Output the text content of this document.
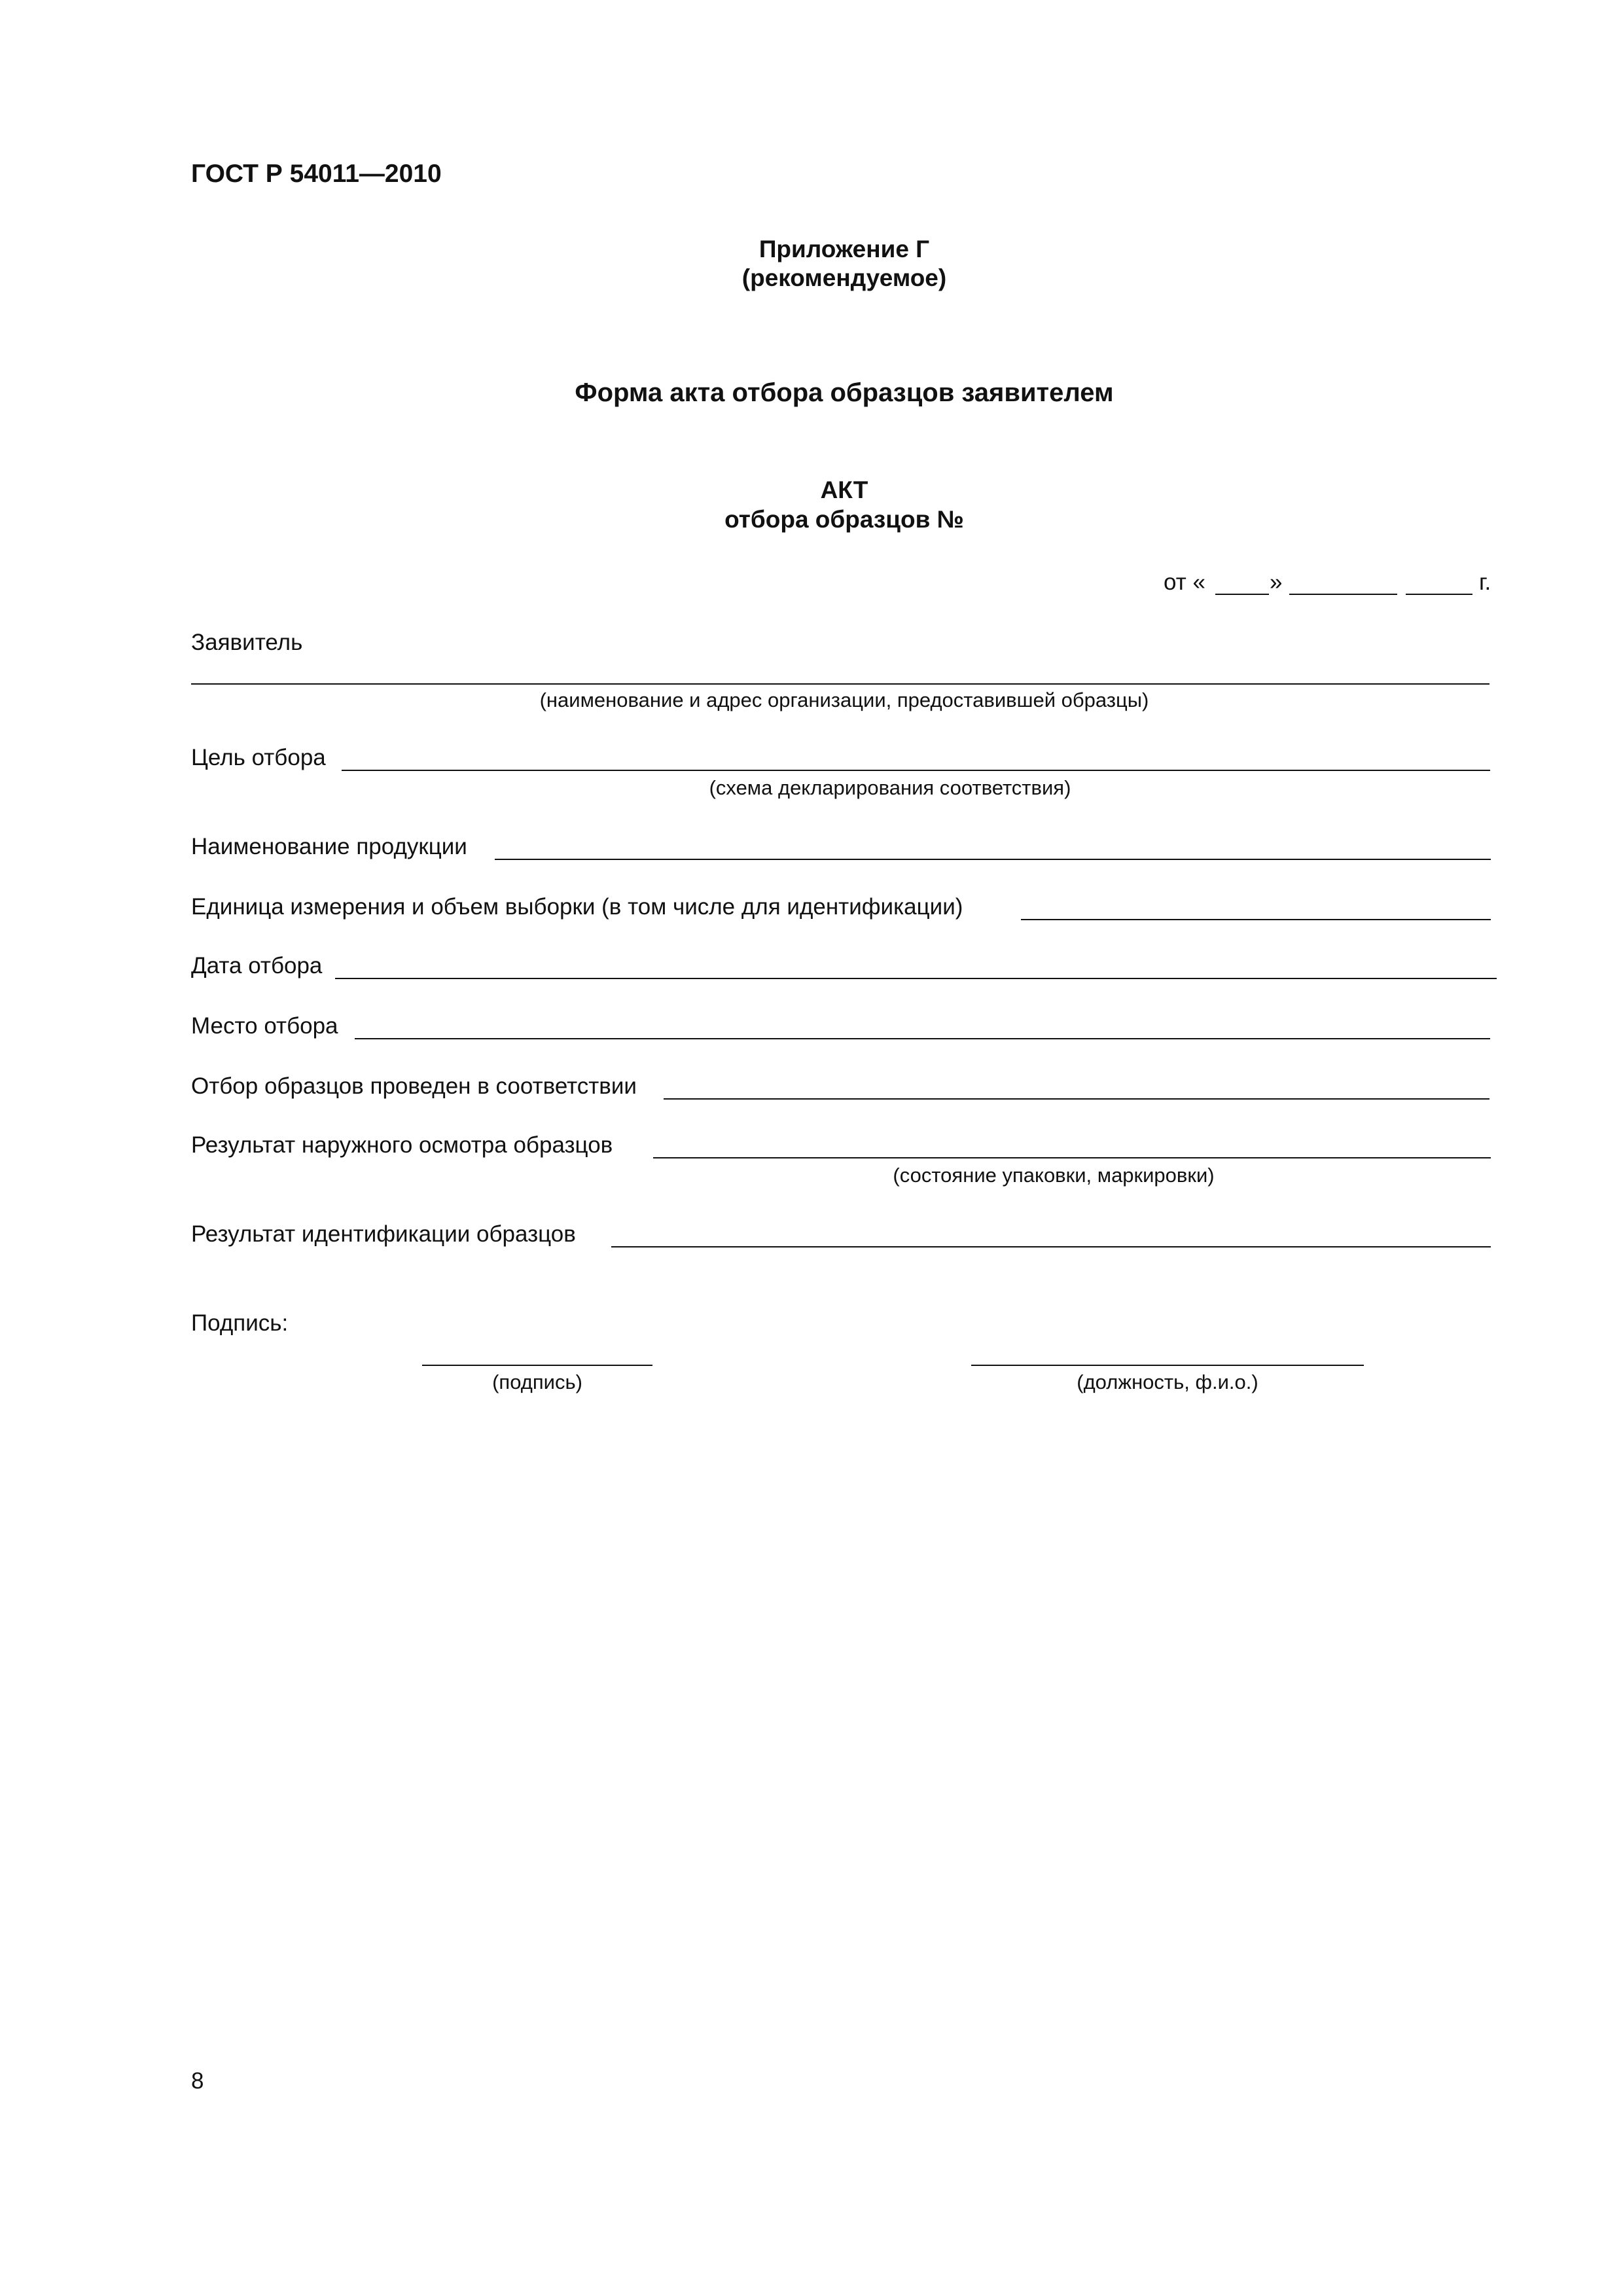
ГОСТ Р 54011—2010
Приложение Г
(рекомендуемое)
Форма акта отбора образцов заявителем
АКТ
отбора образцов №
от «	»	г.
Заявитель
(наименование и адрес организации, предоставившей образцы)
Цель отбора
(схема декларирования соответствия)
Наименование продукции
Единица измерения и объем выборки (в том числе для идентификации)
Дата отбора
Место отбора
Отбор образцов проведен в соответствии
Результат наружного осмотра образцов
(состояние упаковки, маркировки)
Результат идентификации образцов
Подпись:
(подпись)	(должность, ф.и.о.)
8
